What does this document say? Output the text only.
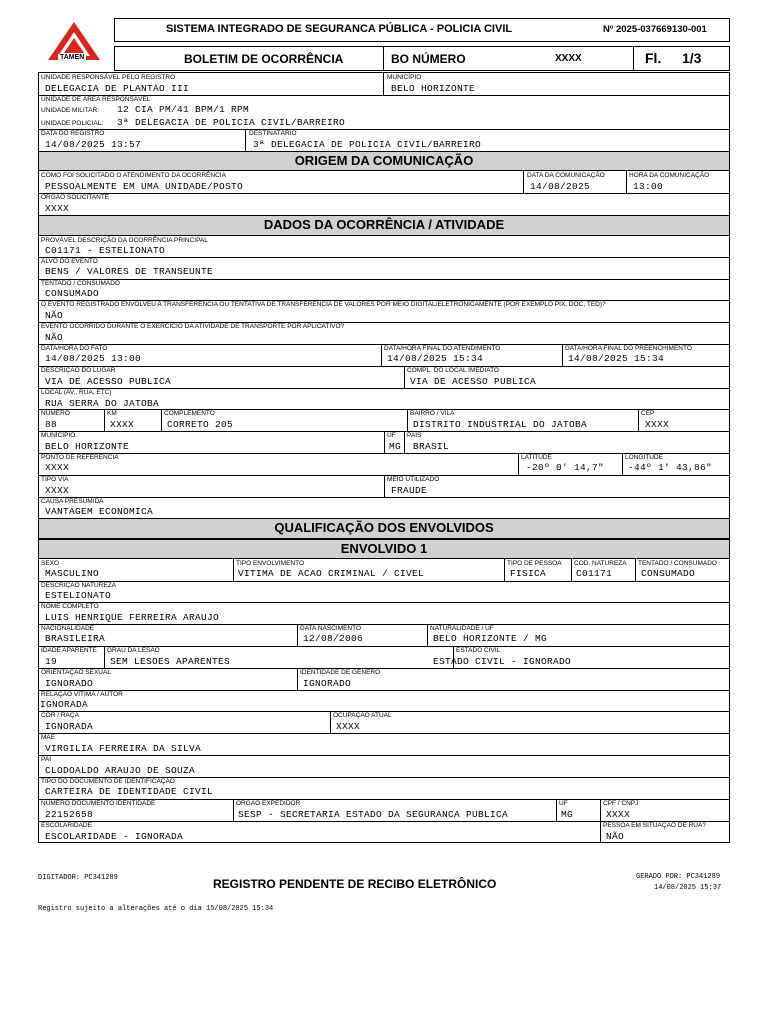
TAMEN
SISTEMA INTEGRADO DE SEGURANCA PÚBLICA - POLICIA CIVIL	Nº 2025-037669130-001
BOLETIM DE OCORRÊNCIA	BO NÚMERO	XXXX	Fl. 1/3
UNIDADE RESPONSÁVEL PELO REGISTRO
DELEGACIA DE PLANTAO III
MUNICÍPIO
BELO HORIZONTE
UNIDADE DE ÁREA RESPONSÁVEL
UNIDADE MILITAR: 12 CIA PM/41 BPM/1 RPM
UNIDADE POLICIAL: 3ª DELEGACIA DE POLICIA CIVIL/BARREIRO
DATA DO REGISTRO
14/08/2025 13:57
DESTINATÁRIO
3ª DELEGACIA DE POLICIA CIVIL/BARREIRO
ORIGEM DA COMUNICAÇÃO
COMO FOI SOLICITADO O ATENDIMENTO DA OCORRÊNCIA
PESSOALMENTE EM UMA UNIDADE/POSTO
DATA DA COMUNICAÇÃO
14/08/2025
HORA DA COMUNICAÇÃO
13:00
ÓRGÃO SOLICITANTE
XXXX
DADOS DA OCORRÊNCIA / ATIVIDADE
PROVÁVEL DESCRIÇÃO DA OCORRÊNCIA PRINCIPAL
C01171 - ESTELIONATO
ALVO DO EVENTO
BENS / VALORES DE TRANSEUNTE
TENTADO / CONSUMADO
CONSUMADO
O EVENTO REGISTRADO ENVOLVEU A TRANSFERÊNCIA OU TENTATIVA DE TRANSFERÊNCIA DE VALORES POR MEIO DIGITAL/ELETRONICAMENTE (POR EXEMPLO PIX, DOC, TED)?
NÃO
EVENTO OCORRIDO DURANTE O EXERCÍCIO DA ATIVIDADE DE TRANSPORTE POR APLICATIVO?
NÃO
DATA/HORA DO FATO
14/08/2025 13:00
DATA/HORA FINAL DO ATENDIMENTO
14/08/2025 15:34
DATA/HORA FINAL DO PREENCHIMENTO
14/08/2025 15:34
DESCRIÇÃO DO LUGAR
VIA DE ACESSO PUBLICA
COMPL. DO LOCAL IMEDIATO
VIA DE ACESSO PUBLICA
LOCAL (AV., RUA, ETC)
RUA SERRA DO JATOBA
NÚMERO
88
KM
XXXX
COMPLEMENTO
CORRETO 205
BAIRRO / VILA
DISTRITO INDUSTRIAL DO JATOBA
CEP
XXXX
MUNICÍPIO
BELO HORIZONTE
UF
MG
PAÍS
BRASIL
PONTO DE REFERÊNCIA
XXXX
LATITUDE
-20º 0' 14,7"
LONGITUDE
-44º 1' 43,86"
TIPO VIA
XXXX
MEIO UTILIZADO
FRAUDE
CAUSA PRESUMIDA
VANTAGEM ECONOMICA
QUALIFICAÇÃO DOS ENVOLVIDOS
ENVOLVIDO 1
SEXO
MASCULINO
TIPO ENVOLVIMENTO
VITIMA DE ACAO CRIMINAL / CIVEL
TIPO DE PESSOA
FISICA
COD. NATUREZA
C01171
TENTADO / CONSUMADO
CONSUMADO
DESCRIÇÃO NATUREZA
ESTELIONATO
NOME COMPLETO
LUIS HENRIQUE FERREIRA ARAUJO
NACIONALIDADE
BRASILEIRA
DATA NASCIMENTO
12/08/2006
NATURALIDADE / UF
BELO HORIZONTE / MG
IDADE APARENTE
19
GRAU DA LESÃO
SEM LESOES APARENTES
ESTADO CIVIL
ESTADO CIVIL - IGNORADO
ORIENTAÇÃO SEXUAL
IGNORADO
IDENTIDADE DE GÊNERO
IGNORADO
RELAÇÃO VÍTIMA / AUTOR
IGNORADA
COR / RAÇA
IGNORADA
OCUPAÇÃO ATUAL
XXXX
MÃE
VIRGILIA FERREIRA DA SILVA
PAI
CLODOALDO ARAUJO DE SOUZA
TIPO DO DOCUMENTO DE IDENTIFICAÇÃO
CARTEIRA DE IDENTIDADE CIVIL
NUMERO DOCUMENTO IDENTIDADE
22152658
ÓRGÃO EXPEDIDOR
SESP - SECRETARIA ESTADO DA SEGURANCA PUBLICA
UF
MG
CPF / CNPJ
XXXX
ESCOLARIDADE
ESCOLARIDADE - IGNORADA
PESSOA EM SITUAÇÃO DE RUA?
NÃO
DIGITADOR: PC341289	REGISTRO PENDENTE DE RECIBO ELETRÔNICO	GERADO POR: PC341289
14/08/2025 15:37
Registro sujeito a alterações até o dia 15/08/2025 15:34
